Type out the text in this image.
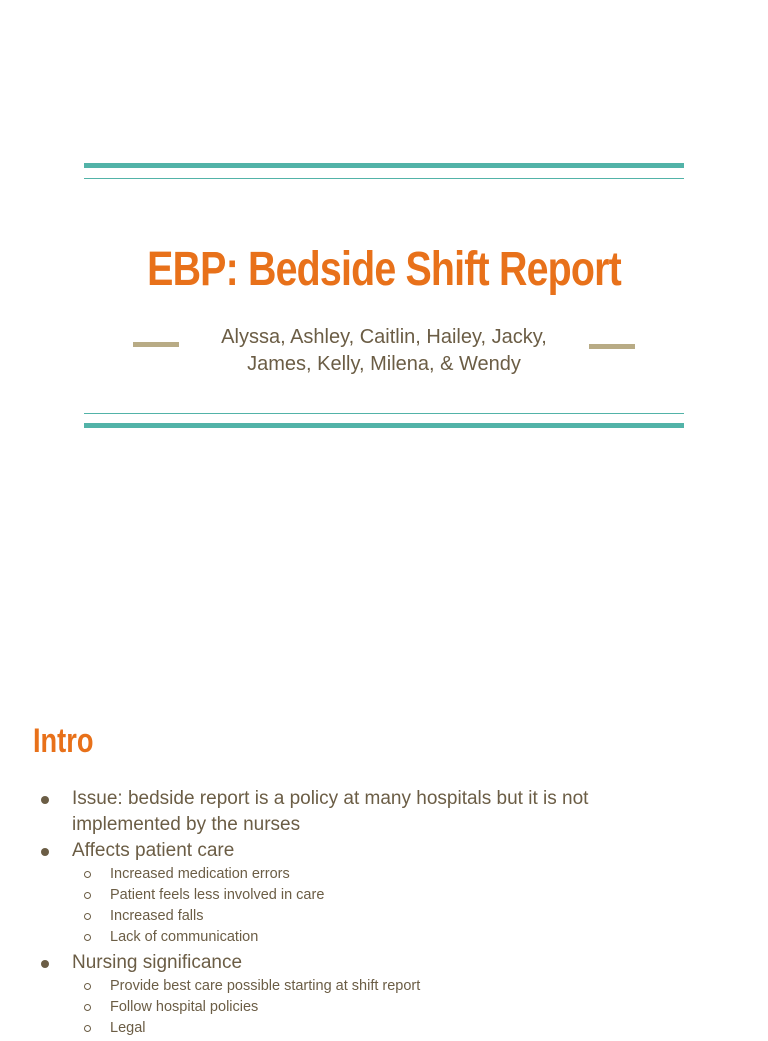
EBP: Bedside Shift Report
Alyssa, Ashley, Caitlin, Hailey, Jacky,
James, Kelly, Milena, & Wendy
Intro
Issue: bedside report is a policy at many hospitals but it is not implemented by the nurses
Affects patient care
Increased medication errors
Patient feels less involved in care
Increased falls
Lack of communication
Nursing significance
Provide best care possible starting at shift report
Follow hospital policies
Legal
